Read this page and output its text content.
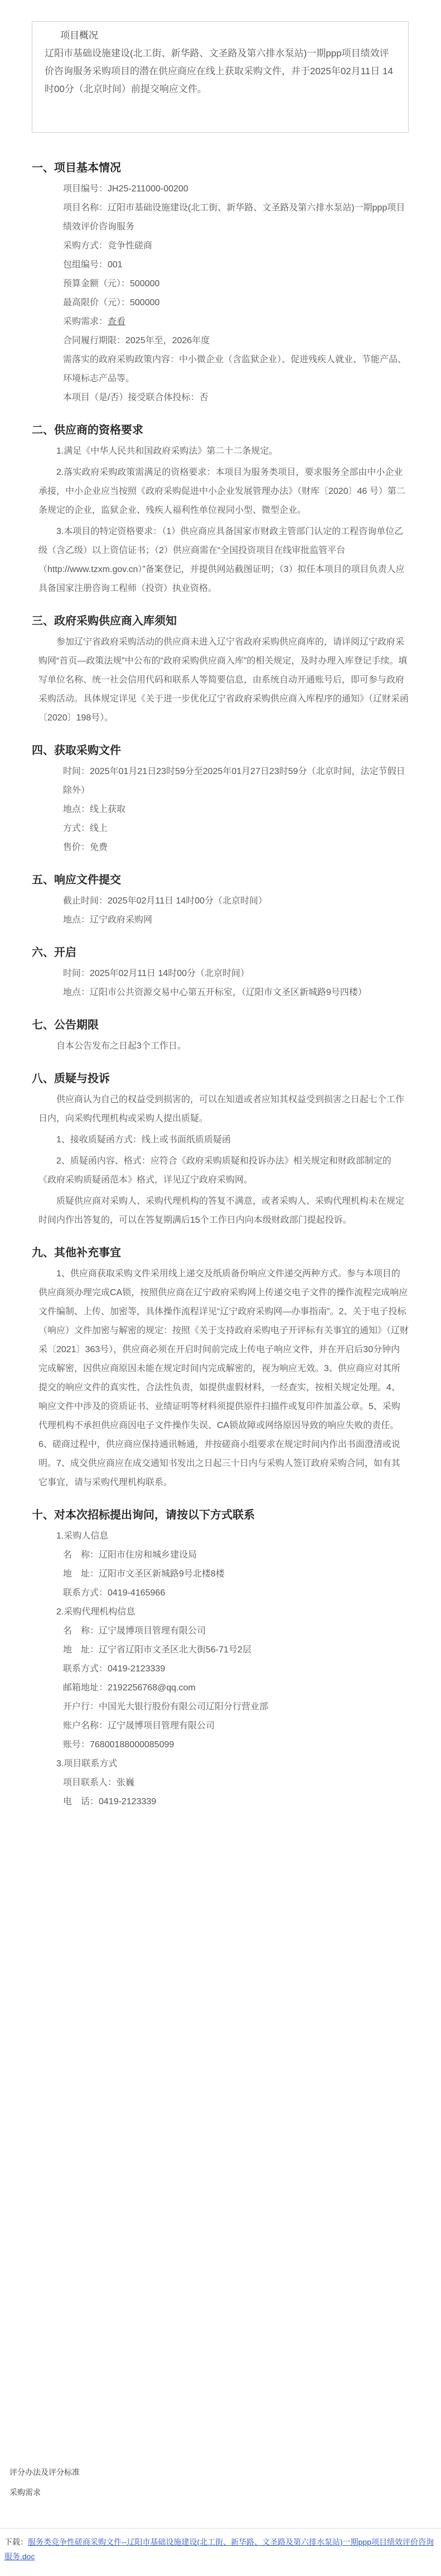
项目概况
辽阳市基础设施建设(北工街、新华路、文圣路及第六排水泵站)一期ppp项目绩效评价咨询服务采购项目的潜在供应商应在线上获取采购文件，并于2025年02月11日 14时00分（北京时间）前提交响应文件。
一、项目基本情况
项目编号：JH25-211000-00200
项目名称：辽阳市基础设施建设(北工街、新华路、文圣路及第六排水泵站)一期ppp项目绩效评价咨询服务
采购方式：竞争性磋商
包组编号：001
预算金额（元）：500000
最高限价（元）：500000
采购需求：查看
合同履行期限：2025年至，2026年度
需落实的政府采购政策内容：中小微企业（含监狱企业）、促进残疾人就业、节能产品、环境标志产品等。
本项目（是/否）接受联合体投标：否
二、供应商的资格要求
1.满足《中华人民共和国政府采购法》第二十二条规定。
2.落实政府采购政策需满足的资格要求：本项目为服务类项目，要求服务全部由中小企业承接，中小企业应当按照《政府采购促进中小企业发展管理办法》（财库〔2020〕46 号）第二条规定的企业，监狱企业、残疾人福利性单位视同小型、微型企业。
3.本项目的特定资格要求：（1）供应商应具备国家市财政主管部门认定的工程咨询单位乙级（含乙级）以上资信证书；（2）供应商需在“全国投资项目在线审批监管平台（http://www.tzxm.gov.cn）”备案登记，并提供网站截图证明；（3）拟任本项目的项目负责人应具备国家注册咨询工程师（投资）执业资格。
三、政府采购供应商入库须知
参加辽宁省政府采购活动的供应商未进入辽宁省政府采购供应商库的，请详阅辽宁政府采购网“首页—政策法规”中公布的“政府采购供应商入库”的相关规定，及时办理入库登记手续。填写单位名称、统一社会信用代码和联系人等简要信息，由系统自动开通账号后，即可参与政府采购活动。具体规定详见《关于进一步优化辽宁省政府采购供应商入库程序的通知》（辽财采函〔2020〕198号）。
四、获取采购文件
时间：2025年01月21日23时59分至2025年01月27日23时59分（北京时间，法定节假日除外）
地点：线上获取
方式：线上
售价：免费
五、响应文件提交
截止时间：2025年02月11日 14时00分（北京时间）
地点：辽宁政府采购网
六、开启
时间：2025年02月11日 14时00分（北京时间）
地点：辽阳市公共资源交易中心第五开标室，（辽阳市文圣区新城路9号四楼）
七、公告期限
自本公告发布之日起3个工作日。
八、质疑与投诉
供应商认为自己的权益受到损害的，可以在知道或者应知其权益受到损害之日起七个工作日内，向采购代理机构或采购人提出质疑。
1、接收质疑函方式：线上或书面纸质质疑函
2、质疑函内容、格式：应符合《政府采购质疑和投诉办法》相关规定和财政部制定的《政府采购质疑函范本》格式，详见辽宁政府采购网。
质疑供应商对采购人、采购代理机构的答复不满意，或者采购人、采购代理机构未在规定时间内作出答复的，可以在答复期满后15个工作日内向本级财政部门提起投诉。
九、其他补充事宜
1、供应商获取采购文件采用线上递交及纸质备份响应文件递交两种方式。参与本项目的供应商须办理完成CA锁，按照供应商在辽宁政府采购网上传递交电子文件的操作流程完成响应文件编制、上传、加密等，具体操作流程详见“辽宁政府采购网—办事指南”。2、关于电子投标（响应）文件加密与解密的规定：按照《关于支持政府采购电子开评标有关事宜的通知》（辽财采〔2021〕363号），供应商必须在开启时间前完成上传电子响应文件，并在开启后30分钟内完成解密，因供应商原因未能在规定时间内完成解密的，视为响应无效。3、供应商应对其所提交的响应文件的真实性、合法性负责，如提供虚假材料，一经查实，按相关规定处理。4、响应文件中涉及的资质证书、业绩证明等材料须提供原件扫描件或复印件加盖公章。5、采购代理机构不承担供应商因电子文件操作失误、CA锁故障或网络原因导致的响应失败的责任。6、磋商过程中，供应商应保持通讯畅通，并按磋商小组要求在规定时间内作出书面澄清或说明。7、成交供应商应在成交通知书发出之日起三十日内与采购人签订政府采购合同，如有其它事宜，请与采购代理机构联系。
十、对本次招标提出询问，请按以下方式联系
1.采购人信息
名　称：辽阳市住房和城乡建设局
地　址：辽阳市文圣区新城路9号北楼8楼
联系方式：0419-4165966
2.采购代理机构信息
名　称：辽宁晟博项目管理有限公司
地　址：辽宁省辽阳市文圣区北大街56-71号2层
联系方式：0419-2123339
邮箱地址：2192256768@qq.com
开户行：中国光大银行股份有限公司辽阳分行营业部
账户名称：辽宁晟博项目管理有限公司
账号：76800188000085099
3.项目联系方式
项目联系人：张巍
电　话：0419-2123339
评分办法及评分标准
采购需求
下载：服务类竞争性磋商采购文件--辽阳市基础设施建设(北工街、新华路、文圣路及第六排水泵站)一期ppp项目绩效评价咨询服务.doc
